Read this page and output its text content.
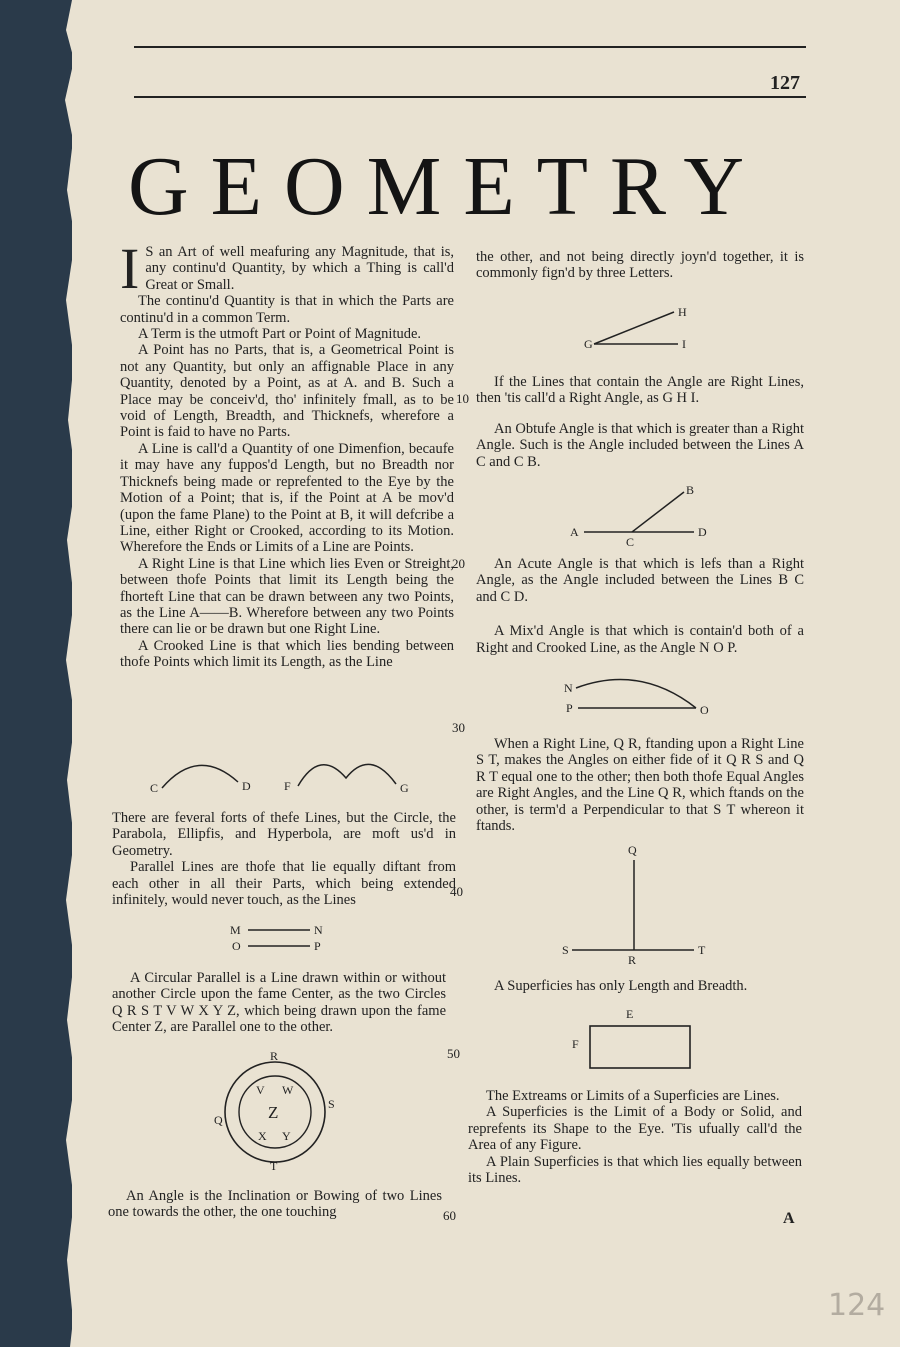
127
GEOMETRY

I S an Art of well meafuring any Magnitude, that is, any continu'd Quantity, by which a Thing is call'd Great or Small.

The continu'd Quantity is that in which the Parts are continu'd in a common Term.

A Term is the utmoft Part or Point of Magnitude.

A Point has no Parts, that is, a Geometrical Point is not any Quantity, but only an affignable Place in any Quantity, denoted by a Point, as at A. and B. Such a Place may be conceiv'd, tho' infinitely fmall, as to be void of Length, Breadth, and Thicknefs, wherefore a Point is faid to have no Parts.

A Line is call'd a Quantity of one Dimenfion, becaufe it may have any fuppos'd Length, but no Breadth nor Thicknefs being made or reprefented to the Eye by the Motion of a Point; that is, if the Point at A be mov'd (upon the fame Plane) to the Point at B, it will defcribe a Line, either Right or Crooked, according to its Motion. Wherefore the Ends or Limits of a Line are Points.

A Right Line is that Line which lies Even or Streight, between thofe Points that limit its Length being the fhorteft Line that can be drawn between any two Points, as the Line A——B. Wherefore between any two Points there can lie or be drawn but one Right Line.

A Crooked Line is that which lies bending between thofe Points which limit its Length, as the Line

C	D	F	G

There are feveral forts of thefe Lines, but the Circle, the Parabola, Ellipfis, and Hyperbola, are moft us'd in Geometry.

Parallel Lines are thofe that lie equally diftant from each other in all their Parts, which being extended infinitely, would never touch, as the Lines

M	N
O	P

A Circular Parallel is a Line drawn within or without another Circle upon the fame Center, as the two Circles Q R S T V W X Y Z, which being drawn upon the fame Center Z, are Parallel one to the other.

R
S
T
Q
V W
Z
X Y

An Angle is the Inclination or Bowing of two Lines one towards the other, the one touching

10
20
30
40
50
60

the other, and not being directly joyn'd together, it is commonly fign'd by three Letters.

H
G	I

If the Lines that contain the Angle are Right Lines, then 'tis call'd a Right Angle, as G H I.

An Obtufe Angle is that which is greater than a Right Angle. Such is the Angle included between the Lines A C and C B.

B
A
C
D

An Acute Angle is that which is lefs than a Right Angle, as the Angle included between the Lines B C and C D.

A Mix'd Angle is that which is contain'd both of a Right and Crooked Line, as the Angle N O P.

N
P	O

When a Right Line, Q R, ftanding upon a Right Line S T, makes the Angles on either fide of it Q R S and Q R T equal one to the other; then both thofe Equal Angles are Right Angles, and the Line Q R, which ftands on the other, is term'd a Perpendicular to that S T whereon it ftands.

Q
S
R
T

A Superficies has only Length and Breadth.

E
F

The Extreams or Limits of a Superficies are Lines.

A Superficies is the Limit of a Body or Solid, and reprefents its Shape to the Eye. 'Tis ufually call'd the Area of any Figure.

A Plain Superficies is that which lies equally between its Lines.

A
124
